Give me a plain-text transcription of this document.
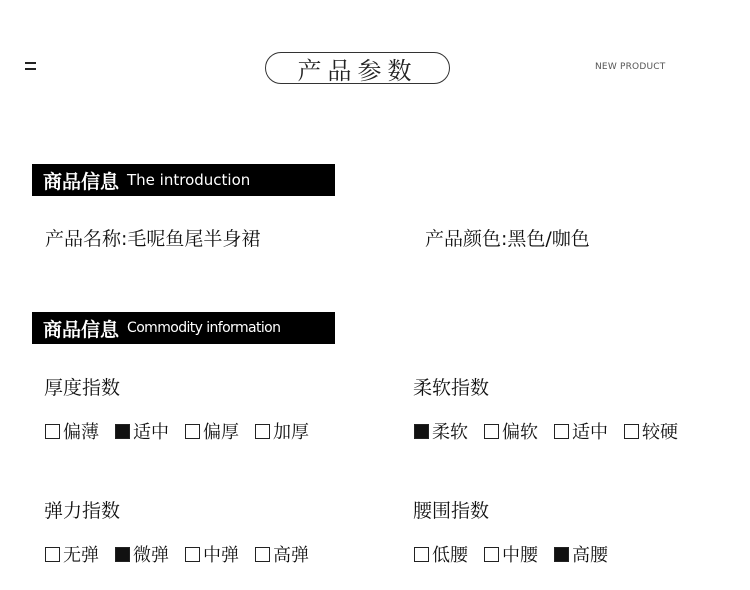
产品参数	NEW PRODUCT
商品信息 The introduction
产品名称:毛呢鱼尾半身裙	产品颜色:黑色/咖色
商品信息 Commodity information
厚度指数
偏薄 适中 偏厚 加厚
柔软指数
柔软 偏软 适中 较硬
弹力指数
无弹 微弹 中弹 高弹
腰围指数
低腰 中腰 高腰
